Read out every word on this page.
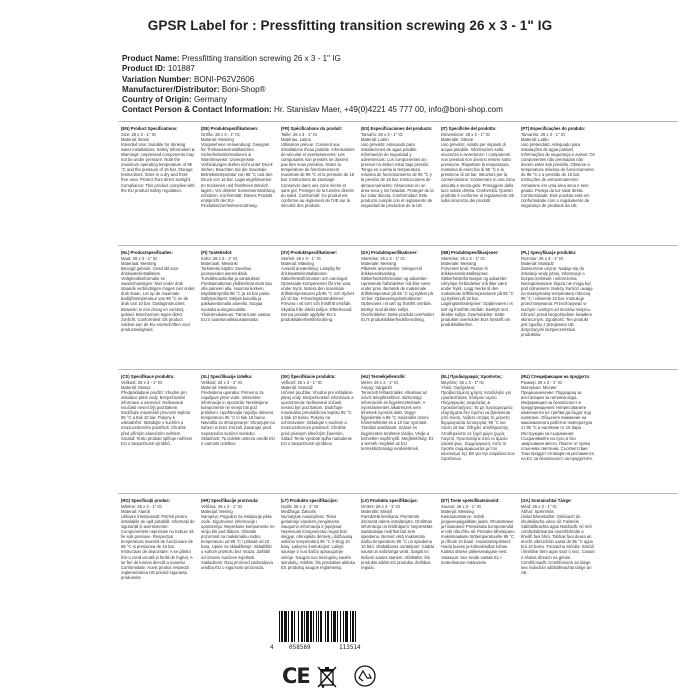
GPSR Label for : Pressfitting transition screwing 26 x 3 - 1" IG
Product Name: Pressfitting transition screwing 26 x 3 - 1" IG
Product ID: 101887
Variation Number: BONI-P62V2606
Manufacturer/Distributor: Boni-Shop®
Country of Origin: Germany
Contact Person & Contact Information: Hr. Stanislav Maer, +49(0)4221 45 777 00, info@boni-shop.com
(EN) Product Specifications:
Size: 26 x 3 - 1" IG
Material: Brass
Intended Use: Suitable for drinking water installations. Safety Information & Warnings: Unpressed components may not be under pressure. Note the maximum operating temperature of 95 °C and the pressure of 16 bar. Storage Instructions: Store in a dry and frost-free area. Protect from direct sunlight. Compliance: This product complies with the EU product safety regulation.
(DE) Produktspezifikationen:
Größe: 26 x 3 - 1" IG
Material: Messing
Vorgesehene Verwendung: Geeignet für Trinkwasserinstallationen. Sicherheitsinformationen & Warnhinweise: Unverpresste Verbindungen dürfen nicht unter Druck stehen. Beachten Sie die maximale Betriebstemperatur von 95 °C und den Druck von 16 bar. Lagerungshinweise: Im trockenen und frostfreien Bereich lagern. Vor direkter Sonneneinstrahlung schützen. Konformität: Dieses Produkt entspricht der EU-Produktsicherheitsverordnung.
(FR) Spécifications du produit:
Taille: 26 x 3 - 1" IG
Matériau: Laiton
Utilisation prévue: Convient aux installations d'eau potable. Informations de sécurité et avertissements: Les composants non pressés ne doivent pas être sous pression. Notez la température de fonctionnement maximale de 95 °C et la pression de 16 bar. Instructions de stockage: Conserver dans une zone sèche et sans gel. Protéger de la lumière directe du soleil. Conformité: Ce produit est conforme au règlement de l'UE sur la sécurité des produits.
(ES) Especificaciones del producto:
Tamaño: 26 x 3 - 1" IG
Material: Latón
Uso previsto: Adecuado para instalaciones de agua potable. Información de seguridad y advertencias: Los componentes sin prensar no deben estar bajo presión. Tenga en cuenta la temperatura máxima de funcionamiento de 95 °C y la presión de 16 bar. Instrucciones de almacenamiento: Almacenar en un área seca y sin heladas. Proteger de la luz solar directa. Conformidad: Este producto cumple con el reglamento de seguridad de productos de la UE.
(IT) Specifiche del prodotto:
Dimensione: 26 x 3 - 1" IG
Materiale: Ottone
Uso previsto: Adatto per impianti di acqua potabile. Informazioni sulla sicurezza e avvertenze: I componenti non pressati non devono essere sotto pressione. Rispettare la temperatura massima di esercizio di 95 °C e la pressione di 16 bar. Istruzioni per la conservazione: Conservare in una zona asciutta e senza gelo. Proteggere dalla luce solare diretta. Conformità: Questo prodotto è conforme al regolamento UE sulla sicurezza dei prodotti.
(PT) Especificações do produto:
Tamanho: 26 x 3 - 1" IG
Material: Latão
Uso pretendido: Adequado para instalações de água potável. Informações de segurança e avisos: Os componentes não prensados não devem estar sob pressão. Observe a temperatura máxima de funcionamento de 95 °C e a pressão de 16 bar. Instruções de armazenamento: Armazene em uma área seca e sem geada. Proteja da luz solar direta. Conformidade: Este produto está em conformidade com o regulamento de segurança de produtos da UE.
(NL) Productspecificaties:
Maat: 26 x 3 - 1" IG
Materiaal: Messing
Beoogd gebruik: Geschikt voor drinkwaterinstallaties. Veiligheidsinformatie en waarschuwingen: Niet onder druk staande verbindingen mogen niet onder druk staan. Let op de maximale bedrijfstemperatuur van 95 °C en de druk van 10 bar. Opslaginstructies: Bewaren in een droog en vorstvrij gebied. Beschermen tegen direct zonlicht. Conformiteit: Dit product voldoet aan de EU-voorschriften voor productveiligheid.
(FI) Tuotetiedot:
Koko: 26 x 3 - 1" IG
Materiaali: Messinki
Tarkoitettu käyttö: Soveltuu juomaveden asennuksiin. Turvallisuustiedot ja varoitukset: Puristamattomat yhdistelmät eivät saa olla paineen alla. Huomioi korkein käyttölämpötila 95 °C ja 16 bar paine. Säilytysohjeet: Säilytä kuivalla ja pakkasettomalla alueella. Suojaa suoralta auringonvalolta. Yhdenmukaisuus: Tämä tuote vastaa EU:n tuoteturvallisuusasetusta.
(SV) Produktspecifikationer:
Storlek: 26 x 3 - 1" IG
Material: Mässing
Avsedd användning: Lämplig för dricksvatteninstallationer. Säkerhetsinformation och varningar: Opressade komponenter får inte vara under tryck. Notera den maximala driftstemperaturen på 95 °C och trycket på 10 bar. Förvaringsinstruktioner: Förvara i ett torrt och frostfritt område. Skydda från direkt solljus. Efterlevnad: Denna produkt uppfyller EU:s produktsäkerhetsförordning.
(DA) Produktspecifikationer:
Størrelse: 26 x 3 - 1" IG
Materiale: Messing
Påtænkt anvendelse: Velegnet til drikkevandsanlæg. Sikkerhedsinformation og advarsler: Upressede forbindelser må ikke være under pres. Bemærk de maksimale driftstemperatur på 95 °C og trykket på 10 bar. Opbevaringsinstruktioner: Opbevares i et tørt og frostfrit område. Beskyt mod direkte sollys. Overholdelse: Dette produkt overholder EU's produktsikkerhedsforordning.
(NB) Produktspesifikasjoner:
Størrelse: 26 x 3 - 1" IG
Materiale: Messing
Forventet bruk: Passer til drikkevannsinstallasjoner. Sikkerhetsinformasjon og advarsler: Ukrympe forbindelser må ikke være under trykk. Legg merke til den maksimale driftstemperaturen på 95 °C og trykket på 16 bar. Lagringsinstruksjoner: Oppbevares i et tørt og frostfritt område. Beskytt mot direkte sollys. Overholdelse: Dette produktet overholder EUs forskrift om produktsikkerhet.
(PL) Specyfikacje produktu:
Rozmiar: 26 x 3 - 1" IG
Materiał: Mosiądz
Zamierzone użycie: Nadaje się do instalacji wody pitnej. Informacje o bezpieczeństwie i ostrzeżenia: Niezaprasowane złącza nie mogą być pod ciśnieniem. Należy zwrócić uwagę na maksymalną temperaturę roboczą 95 °C i ciśnienie 10 bar. Instrukcje przechowywania: Przechowywać w suchym i wolnym od mrozów miejscu. Chronić przed bezpośrednim światłem słonecznym. Zgodność: Ten produkt jest zgodny z przepisami UE dotyczącymi bezpieczeństwa produktów.
(CS) Specifikace produktu:
Velikost: 26 x 3 - 1" IG
Materiál: Mosaz
Předpokládané použití: Vhodné pro instalace pitné vody. Bezpečnostní informace a varování: Nelisované součásti nesmí být pod tlakem. Dodržujte maximální provozní teplotu 95 °C a tlak 10 bar. Pokyny k uskladnění: Skladujte v suchém a mrazuvzdorném prostředí. Chraňte před přímým slunečním světlem. Soulad: Tento produkt splňuje nařízení EU o bezpečnosti výrobků.
(SL) Specifikacije izdelka:
Velikost: 26 x 3 - 1" IG
Material: Medenina
Predvidena uporaba: Primerno za napeljave pitne vode. Varnostne informacije in opozorila: Nestisnjene komponente ne smejo biti pod pritiskom. Upoštevajte najvišjo delovno temperaturo 95 °C in tlak 16 barov. Navodila za shranjevanje: Shranjujte na suhem in brez zmrzali. Zavarujte pred neposredno sončno svetlobo. Skladnost: Ta izdelek ustreza uredbi EU o varnosti izdelkov.
(SK) Špecifikácie produktu:
Veľkosť: 26 x 3 - 1" IG
Materiál: Mosadz
Určené použitie: Vhodné pre inštalácie pitnej vody. Bezpečnostné informácie a upozornenia: Nelisované súčasti nesmú byť pod tlakom. Dodržujte maximálnu prevádzkovú teplotu 95 °C a tlak 10 barov. Pokyny na uchovávanie: Skladujte v suchom a mrazuvzdornom prostredí. Chráňte pred priamym slnečným žiarením. Súlad: Tento výrobok spĺňa nariadenie EÚ o bezpečnosti výrobkov.
(HU) Termékjellemzők:
Méret: 26 x 3 - 1" IG
Anyag: Sárgaréz
Tervezett felhasználás: Alkalmas az ivóvíz telepítésekhez. Biztonsági információk és figyelmeztetések: A nyomásmentes alkatrészek nem lehetnek nyomás alatt. Vegye figyelembe a 95 °C maximális üzemi hőmérsékletet és a 10 bar nyomást. Tárolási utasítások: Száraz és fagymentes területen tárolja. Védje a közvetlen napfénytől. Megfelelőség: Ez a termék megfelel az EU termékbiztonsági rendeletének.
(EL) Προδιαγραφές προϊόντος:
Μέγεθος: 26 x 3 - 1" IG
Υλικό: Ορείχαλκος
Προβλεπόμενη χρήση: Κατάλληλο για εγκαταστάσεις πόσιμου νερού. Πληροφορίες ασφαλείας & προειδοποιήσεις: Τα μη πρεσαρισμένα εξαρτήματα δεν πρέπει να βρίσκονται υπό πίεση. Λάβετε υπόψη τη μέγιστη θερμοκρασία λειτουργίας 95 °C και πίεση 16 bar. Οδηγίες αποθήκευσης: Αποθηκεύστε σε ξηρό χώρο χωρίς παγετό. Προστατέψτε από το άμεσο ηλιακό φως. Συμμόρφωση: Αυτό το προϊόν συμμορφώνεται με τον κανονισμό της ΕΕ για την ασφάλεια των προϊόντων.
(RU) Спецификации на продукта:
Размер: 26 x 3 - 1" IG
Материал: Месинг
Предназначение: Подходящ за инсталации за питейна вода. Информация за безопасност и предупреждения: Непресованите компоненти не трябва да бъдат под налягане. Обърнете внимание на максималната работна температура от 95 °C и налягане от 16 бара. Инструкции за съхранение: Съхранявайте на сухо и без замръзване място. Пазете от пряка слънчева светлина. Съответствие: Този продукт отговаря на регламента на ЕС за безопасност на продуктите.
(RO) Specificații produs:
Mărime: 26 x 3 - 1" IG
Material: Alamă
Utilizare intenționată: Potrivit pentru instalațiile de apă potabilă. Informații de siguranță și avertismente: Componentele nepresate nu trebuie să fie sub presiune. Respectați temperatura maximă de funcționare de 95 °C și presiunea de 16 bar. Instrucțiuni de depozitare: A se păstra într-o zonă uscată și ferită de îngheț. A se feri de lumina directă a soarelui. Conformitate: Acest produs respectă reglementarea UE privind siguranța produselor.
(HR) Specifikacije proizvoda:
Veličina: 26 x 3 - 1" IG
Materijal: Mesing
Namjena: Pogodno za instalacije pitke vode. Sigurnosne informacije i upozorenja: Neprešane komponente ne smiju biti pod tlakom. Obratite pozornost na maksimalnu radnu temperaturu od 95 °C i pritisak od 10 bara. Upute za skladištenje: Skladištiti u suhom prostoru bez mraza. Zaštititi od izravne sunčeve svjetlosti. Sukladnost: Ovaj proizvod zadovoljava uredbu EU o sigurnosti proizvoda.
(LT) Produkto specifikacijos:
Dydis: 26 x 3 - 1" IG
Medžiaga: Žalvaris
Numatytas naudojimas: Tinka geriamojo vandens įrengimams. Saugumo informacija ir įspėjimai: Nepresuoti komponentai negali būti slėgyje. Atkreipkite dėmesį į didžiausią veikimo temperatūrą 95 °C ir slėgį 10 barų. Laikymo instrukcijos: Laikyti sausoje ir nuo šalčio apsaugotoje vietoje. Saugoti nuo tiesioginių saulės spindulių. Atitiktis: Šis produktas atitinka ES produktų saugos reglamentą.
(LV) Produkta specifikācijas:
Izmērs: 26 x 3 - 1" IG
Materiāls: Misiņš
Paredzētā lietošana: Piemērots dzeramā ūdens instalācijām. Drošības informācija un brīdinājumi: Nepresētās sastāvdaļas nedrīkst būt zem spiediena. Ņemiet vērā maksimālo darba temperatūru 95 °C un spiedienu 10 bāri. Glabāšanas norādījumi: Glabāt sausā un salizturīgā vietā. Sargāt no tiešiem saules stariem. Atbilstība: Šis produkts atbilst ES produktu drošības regulai.
(ET) Toote spetsifikatsioonid:
Suurus: 26 x 3 - 1" IG
Materjal: Messing
Kasutusotstarve: Sobib joogiveepaigaldiste jaoks. Ohutusteave ja hoiatused: Pressimata komponendid ei tohi olla rõhu all. Pöörake tähelepanu maksimaalsele töötemperatuurile 95 °C ja rõhule 10 baari. Hoiustamisjuhised: Hoida kuivas ja külmakindlas kohas. Kaitsta otsese päikesevalguse eest. Vastavus: See toode vastab EL-i tooteohutuse määrusele.
(GA) Sonraíochtaí Táirge:
Méid: 26 x 3 - 1" IG
Ábhar: Sprémhás
Úsáid Bheartaithe: Oiriúnach do shuiteálacha uisce óil. Faisnéis Sábháilteachta agus Rabhadh: Ní mór comhpháirteanna neamhbhrúite a bheith faoi bhrú. Tabhair faoi deara an teocht oibriúcháin uasta de 95 °C agus brú 10 barra. Treoracha Stórála: Stóráil i limistéar tirim agus saor ó sioc. Cosain ó sholas díreach na gréine. Comhlíonadh: Comhlíonann an táirge seo rialachán sábháilteachta táirge an AE.
4	058569	113514
CE
